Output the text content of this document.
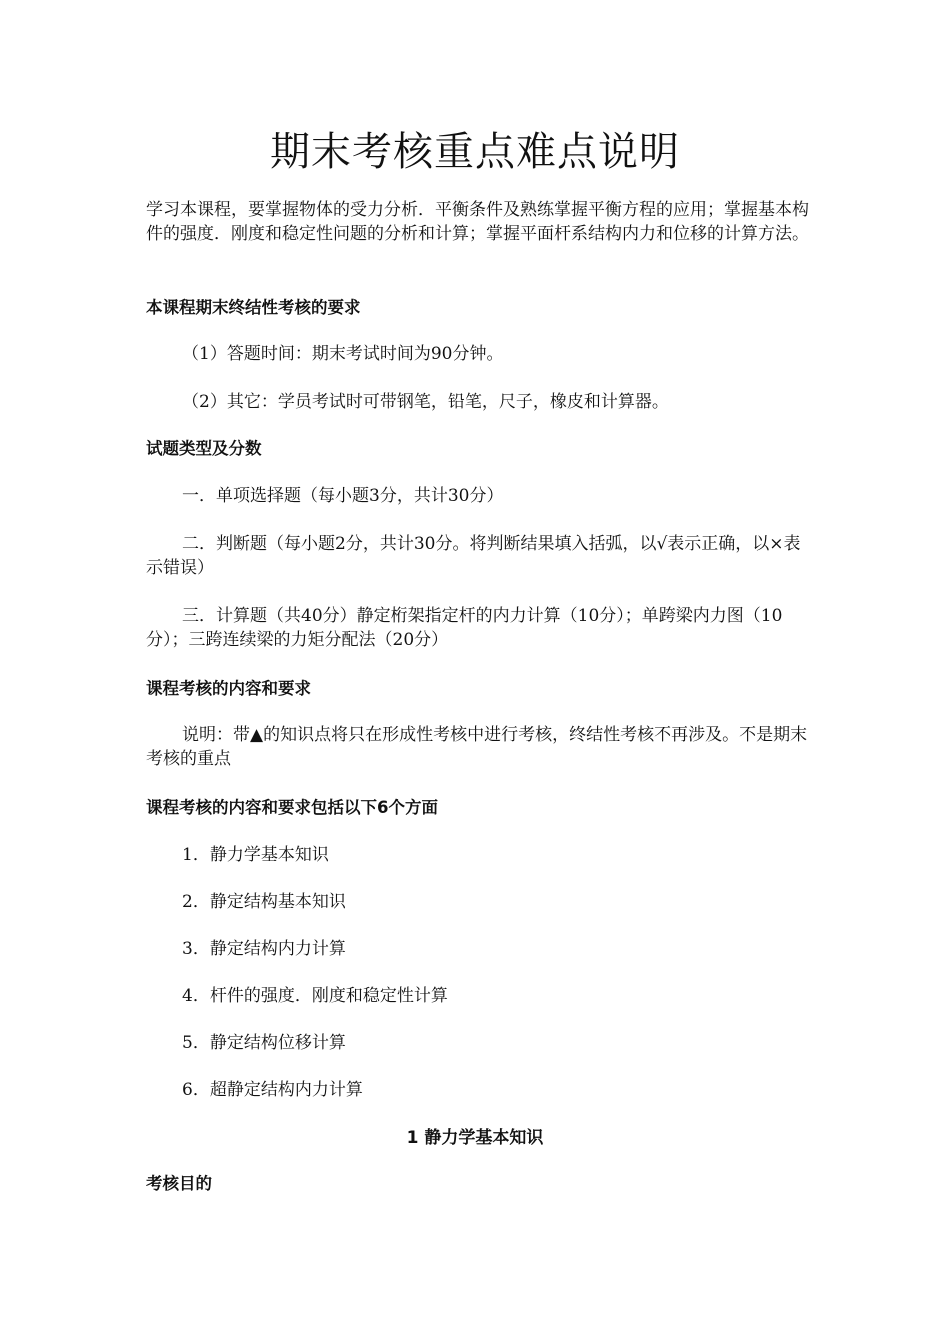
期末考核重点难点说明

学习本课程，要掌握物体的受力分析．平衡条件及熟练掌握平衡方程的应用；掌握基本构件的强度．刚度和稳定性问题的分析和计算；掌握平面杆系结构内力和位移的计算方法。

本课程期末终结性考核的要求

（1）答题时间：期末考试时间为90分钟。

（2）其它：学员考试时可带钢笔，铅笔，尺子，橡皮和计算器。

试题类型及分数

一．单项选择题（每小题3分，共计30分）

二．判断题（每小题2分，共计30分。将判断结果填入括弧，以√表示正确，以×表示错误）

三．计算题（共40分）静定桁架指定杆的内力计算（10分）；单跨梁内力图（10分）；三跨连续梁的力矩分配法（20分）

课程考核的内容和要求

说明：带▲的知识点将只在形成性考核中进行考核，终结性考核不再涉及。不是期末考核的重点

课程考核的内容和要求包括以下6个方面

1．静力学基本知识

2．静定结构基本知识

3．静定结构内力计算

4．杆件的强度．刚度和稳定性计算

5．静定结构位移计算

6．超静定结构内力计算

1 静力学基本知识

考核目的
